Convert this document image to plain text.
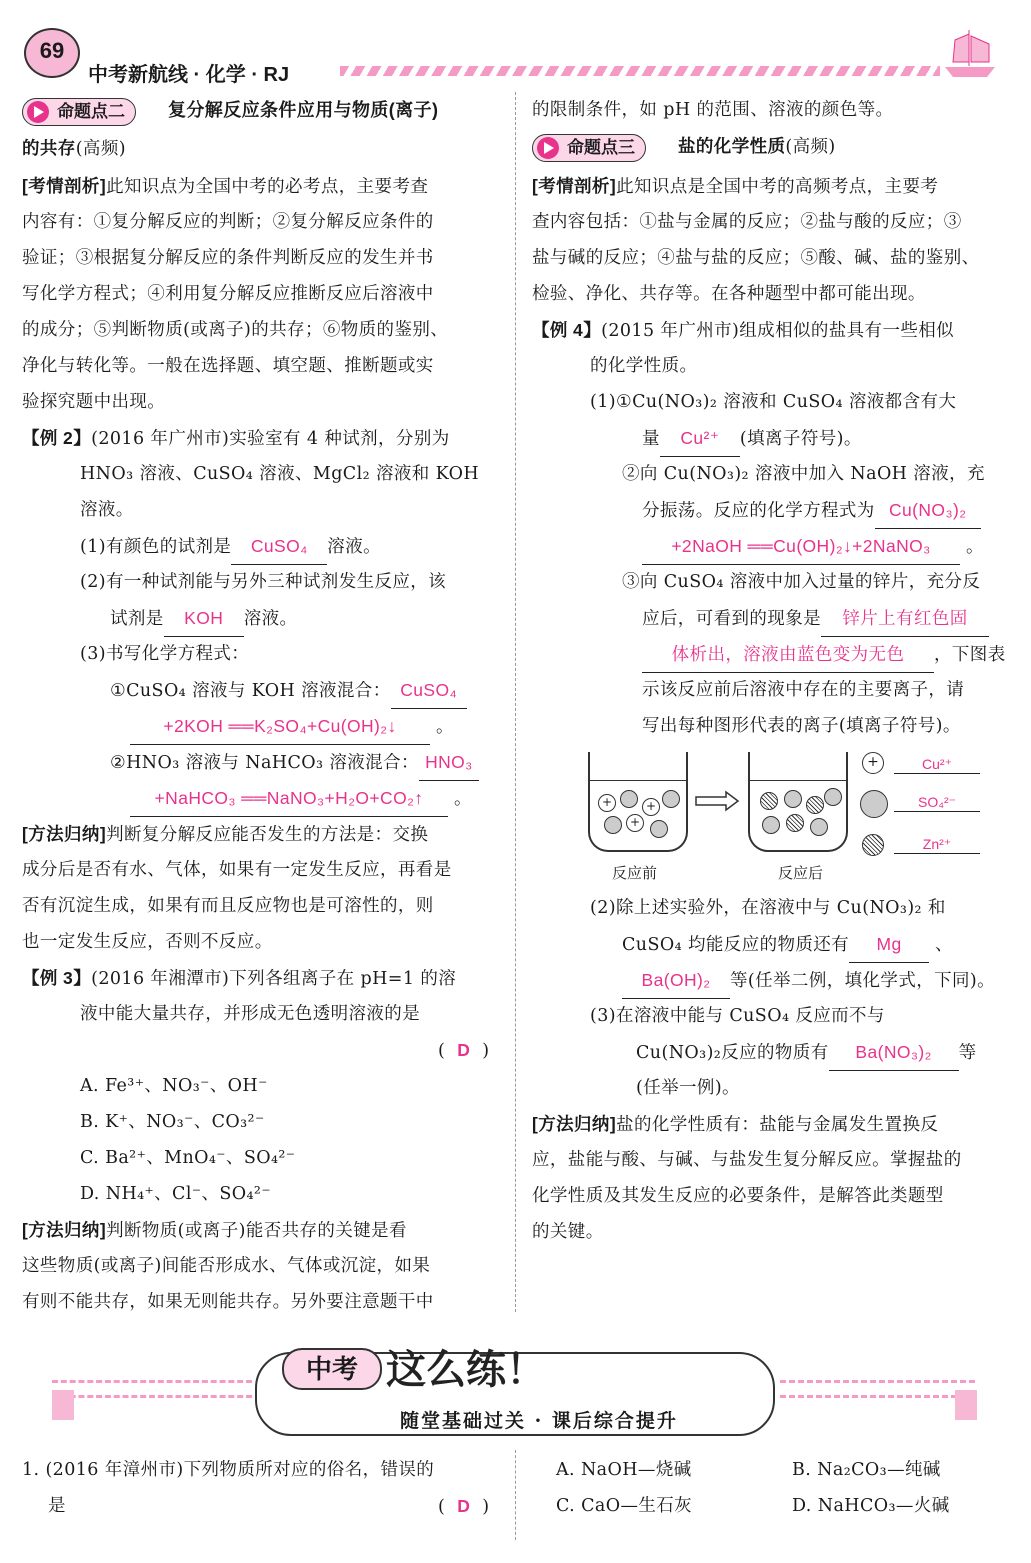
69
中考新航线 · 化学 · RJ
命题点二	复分解反应条件应用与物质(离子)
的共存(高频)
[考情剖析]此知识点为全国中考的必考点，主要考查
内容有：①复分解反应的判断；②复分解反应条件的
验证；③根据复分解反应的条件判断反应的发生并书
写化学方程式；④利用复分解反应推断反应后溶液中
的成分；⑤判断物质(或离子)的共存；⑥物质的鉴别、
净化与转化等。一般在选择题、填空题、推断题或实
验探究题中出现。
【例 2】(2016 年广州市)实验室有 4 种试剂，分别为
HNO₃ 溶液、CuSO₄ 溶液、MgCl₂ 溶液和 KOH
溶液。
(1)有颜色的试剂是 CuSO₄ 溶液。
(2)有一种试剂能与另外三种试剂发生反应，该
试剂是 KOH 溶液。
(3)书写化学方程式：
①CuSO₄ 溶液与 KOH 溶液混合： CuSO₄
+2KOH ══K₂SO₄+Cu(OH)₂↓ 。
②HNO₃ 溶液与 NaHCO₃ 溶液混合： HNO₃
+NaHCO₃ ══NaNO₃+H₂O+CO₂↑ 。
[方法归纳]判断复分解反应能否发生的方法是：交换
成分后是否有水、气体，如果有一定发生反应，再看是
否有沉淀生成，如果有而且反应物也是可溶性的，则
也一定发生反应，否则不反应。
【例 3】(2016 年湘潭市)下列各组离子在 pH=1 的溶
液中能大量共存，并形成无色透明溶液的是
( D )
A. Fe³⁺、NO₃⁻、OH⁻
B. K⁺、NO₃⁻、CO₃²⁻
C. Ba²⁺、MnO₄⁻、SO₄²⁻
D. NH₄⁺、Cl⁻、SO₄²⁻
[方法归纳]判断物质(或离子)能否共存的关键是看
这些物质(或离子)间能否形成水、气体或沉淀，如果
有则不能共存，如果无则能共存。另外要注意题干中
的限制条件，如 pH 的范围、溶液的颜色等。
命题点三	盐的化学性质(高频)
[考情剖析]此知识点是全国中考的高频考点，主要考
查内容包括：①盐与金属的反应；②盐与酸的反应；③
盐与碱的反应；④盐与盐的反应；⑤酸、碱、盐的鉴别、
检验、净化、共存等。在各种题型中都可能出现。
【例 4】(2015 年广州市)组成相似的盐具有一些相似
的化学性质。
(1)①Cu(NO₃)₂ 溶液和 CuSO₄ 溶液都含有大
量 Cu²⁺ (填离子符号)。
②向 Cu(NO₃)₂ 溶液中加入 NaOH 溶液，充
分振荡。反应的化学方程式为 Cu(NO₃)₂
+2NaOH ══Cu(OH)₂↓+2NaNO₃ 。
③向 CuSO₄ 溶液中加入过量的锌片，充分反
应后，可看到的现象是 锌片上有红色固
体析出，溶液由蓝色变为无色 ，下图表
示该反应前后溶液中存在的主要离子，请
写出每种图形代表的离子(填离子符号)。
+	+
+
反应前	反应后
+	Cu²⁺
SO₄²⁻
Zn²⁺
(2)除上述实验外，在溶液中与 Cu(NO₃)₂ 和
CuSO₄ 均能反应的物质还有 Mg 、
Ba(OH)₂ 等(任举二例，填化学式，下同)。
(3)在溶液中能与 CuSO₄ 反应而不与
Cu(NO₃)₂反应的物质有 Ba(NO₃)₂ 等
(任举一例)。
[方法归纳]盐的化学性质有：盐能与金属发生置换反
应，盐能与酸、与碱、与盐发生复分解反应。掌握盐的
化学性质及其发生反应的必要条件，是解答此类题型
的关键。
中考 这么练！
随堂基础过关 · 课后综合提升
1. (2016 年漳州市)下列物质所对应的俗名，错误的
是	( D )
A. NaOH—烧碱	B. Na₂CO₃—纯碱
C. CaO—生石灰	D. NaHCO₃—火碱
